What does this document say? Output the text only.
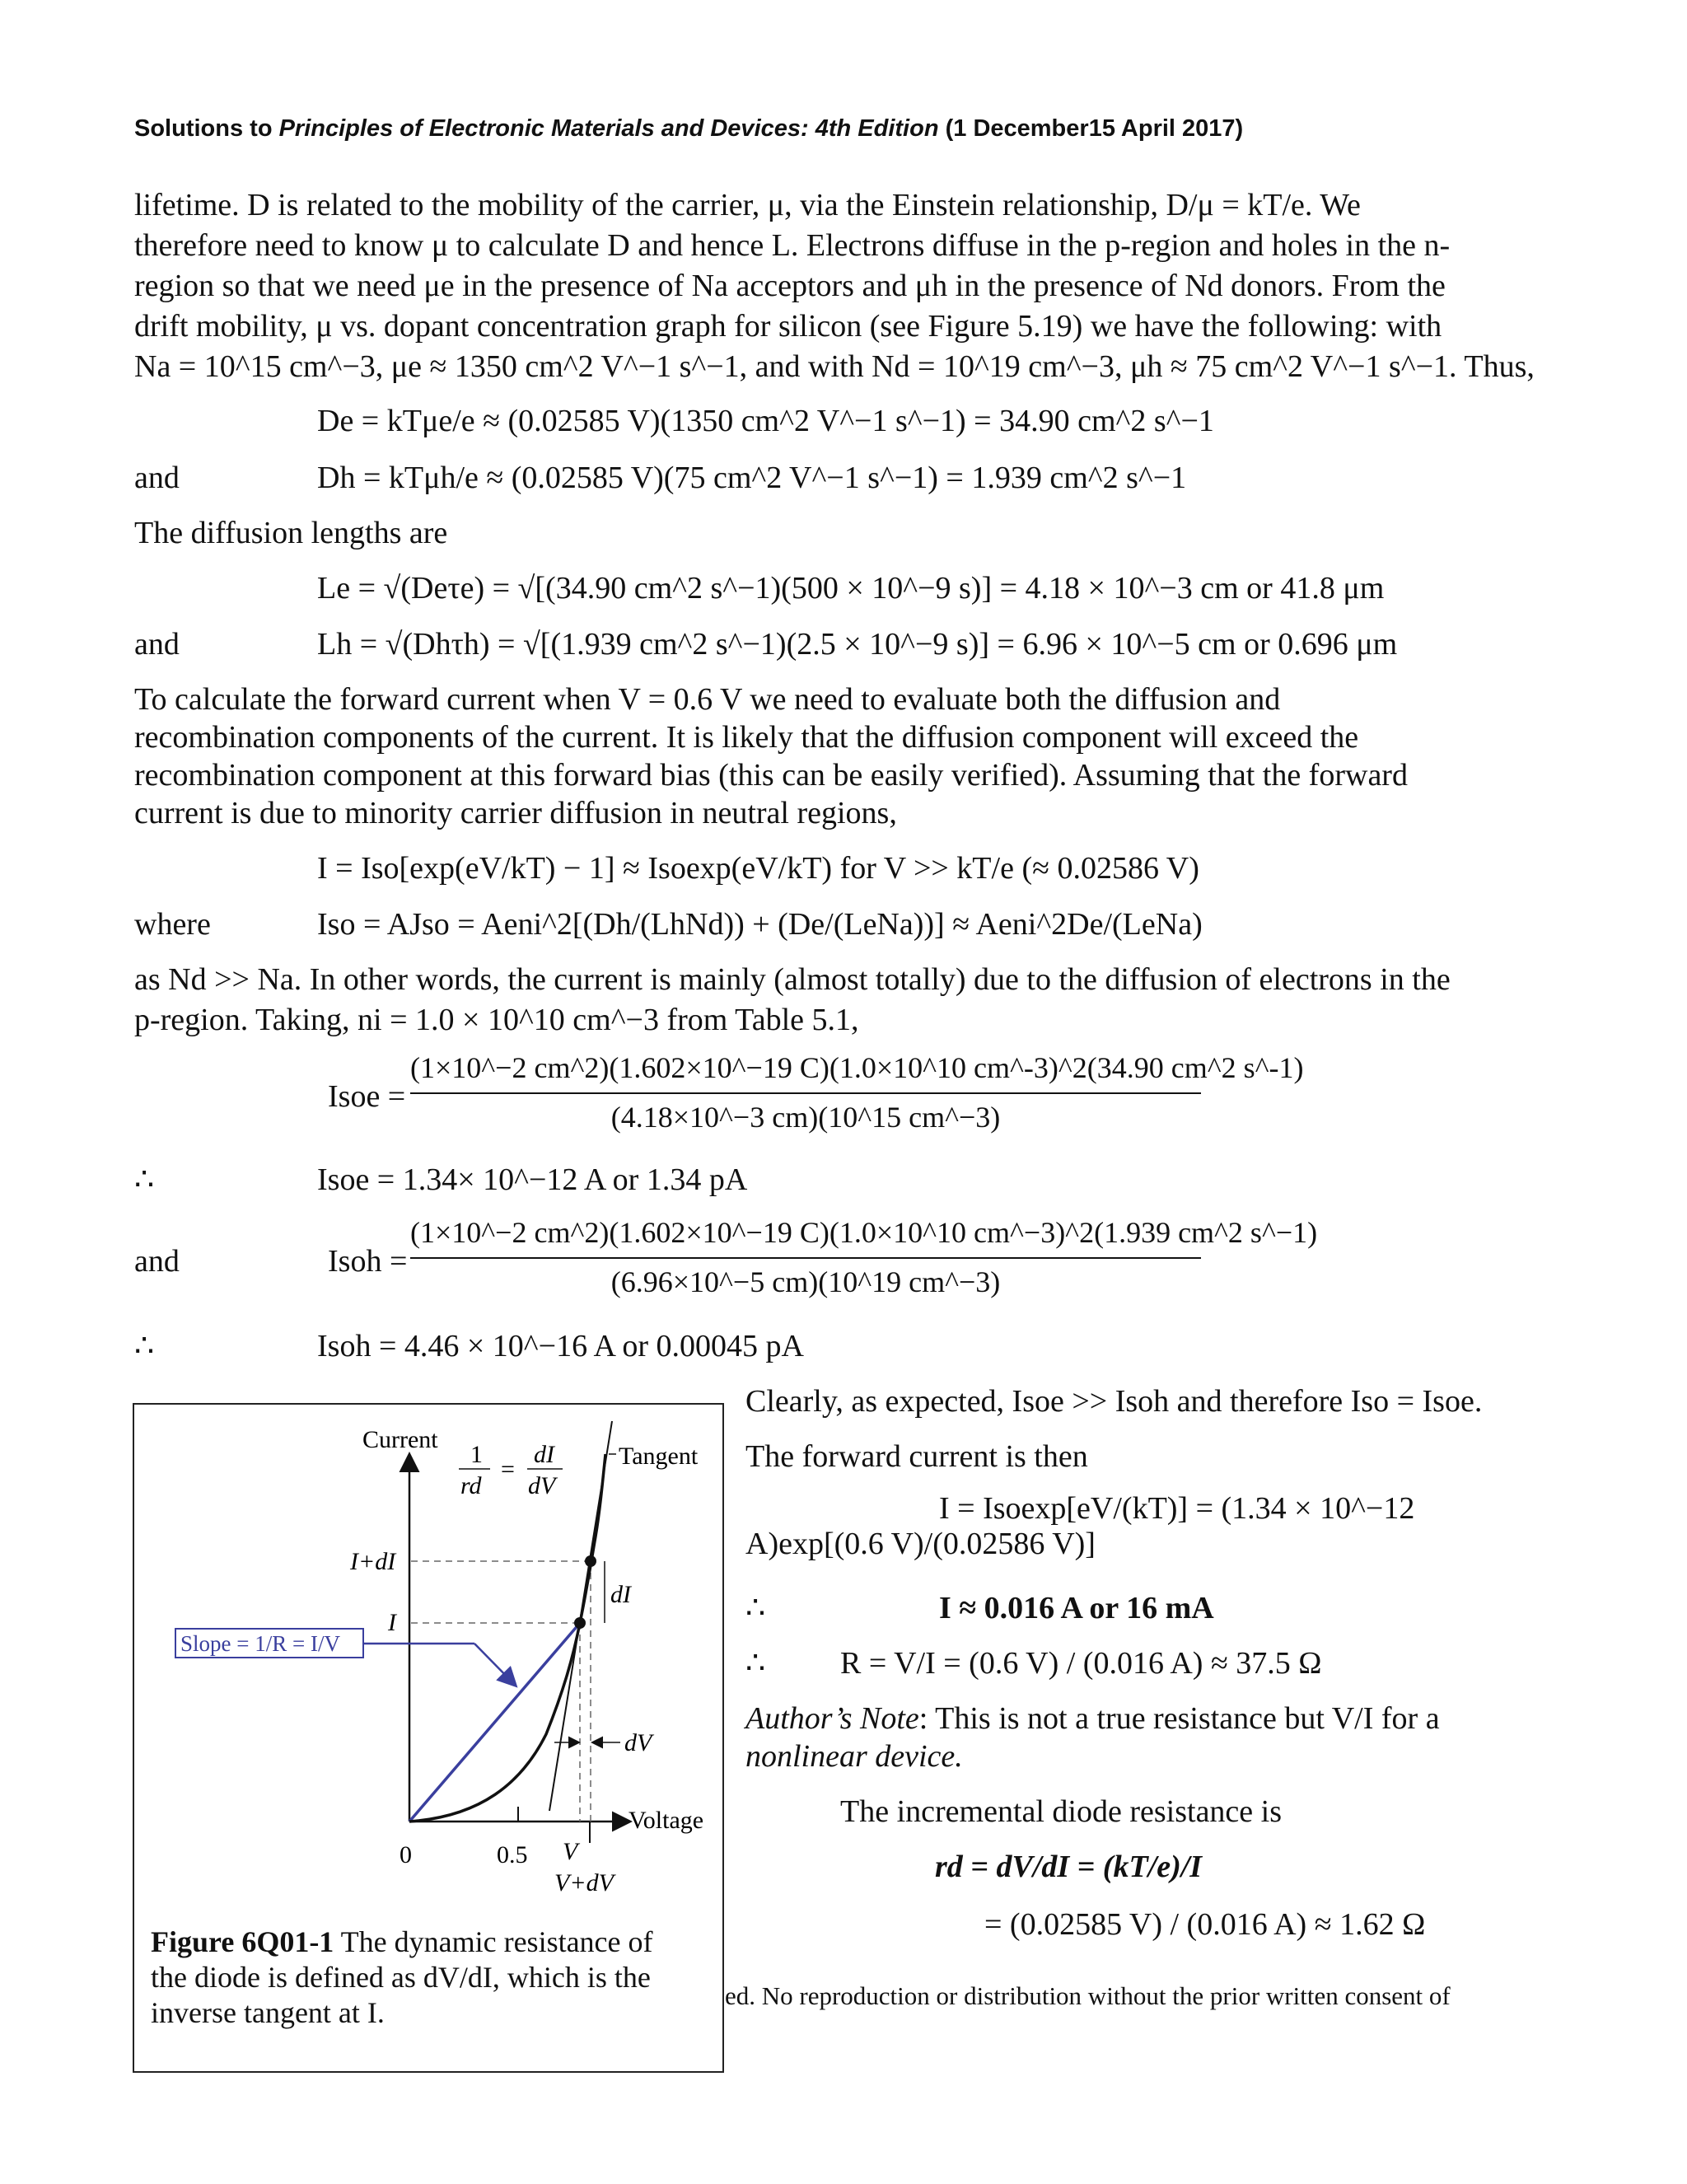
Solutions to Principles of Electronic Materials and Devices: 4th Edition (1 December15 April 2017)
lifetime. D is related to the mobility of the carrier, μ, via the Einstein relationship, D/μ = kT/e. We
therefore need to know μ to calculate D and hence L. Electrons diffuse in the p-region and holes in the n-
region so that we need μe in the presence of Na acceptors and μh in the presence of Nd donors. From the
drift mobility, μ vs. dopant concentration graph for silicon (see Figure 5.19) we have the following: with
Na = 10^15 cm^−3, μe ≈ 1350 cm^2 V^−1 s^−1, and with Nd = 10^19 cm^−3, μh ≈ 75 cm^2 V^−1 s^−1. Thus,
De = kTμe/e ≈ (0.02585 V)(1350 cm^2 V^−1 s^−1) = 34.90 cm^2 s^−1
and	Dh = kTμh/e ≈ (0.02585 V)(75 cm^2 V^−1 s^−1) = 1.939 cm^2 s^−1
The diffusion lengths are
Le = √(Deτe) = √[(34.90 cm^2 s^−1)(500 × 10^−9 s)] = 4.18 × 10^−3 cm or 41.8 μm
and	Lh = √(Dhτh) = √[(1.939 cm^2 s^−1)(2.5 × 10^−9 s)] = 6.96 × 10^−5 cm or 0.696 μm
To calculate the forward current when V = 0.6 V we need to evaluate both the diffusion and
recombination components of the current. It is likely that the diffusion component will exceed the
recombination component at this forward bias (this can be easily verified). Assuming that the forward
current is due to minority carrier diffusion in neutral regions,
I = Iso[exp(eV/kT) − 1] ≈ Isoexp(eV/kT) for V >> kT/e (≈ 0.02586 V)
where	Iso = AJso = Aeni^2[(Dh/(LhNd)) + (De/(LeNa))] ≈ Aeni^2De/(LeNa)
as Nd >> Na. In other words, the current is mainly (almost totally) due to the diffusion of electrons in the
p-region. Taking, ni = 1.0 × 10^10 cm^−3 from Table 5.1,
Isoe =
(1×10^−2 cm^2)(1.602×10^−19 C)(1.0×10^10 cm^-3)^2(34.90 cm^2 s^-1)
(4.18×10^−3 cm)(10^15 cm^−3)
∴	Isoe = 1.34× 10^−12 A or 1.34 pA
and	Isoh =
(1×10^−2 cm^2)(1.602×10^−19 C)(1.0×10^10 cm^−3)^2(1.939 cm^2 s^−1)
(6.96×10^−5 cm)(10^19 cm^−3)
∴	Isoh = 4.46 × 10^−16 A or 0.00045 pA
Clearly, as expected, Isoe >> Isoh and therefore Iso = Isoe.
The forward current is then
I = Isoexp[eV/(kT)] = (1.34 × 10^−12
A)exp[(0.6 V)/(0.02586 V)]
∴	I ≈ 0.016 A or 16 mA
∴ R = V/I = (0.6 V) / (0.016 A) ≈ 37.5 Ω
Author’s Note: This is not a true resistance but V/I for a
nonlinear device.
The incremental diode resistance is
rd = dV/dI = (kT/e)/I
= (0.02585 V) / (0.016 A) ≈ 1.62 Ω
ed. No reproduction or distribution without the prior written consent of
Current
Voltage
0	0.5 V
V+dV
I+dI
I
dI
dV
Slope = 1/R = I/V
Tangent
1
rd
=
dI
dV
Figure 6Q01-1 The dynamic resistance of the diode is defined as dV/dI, which is the inverse tangent at I.
